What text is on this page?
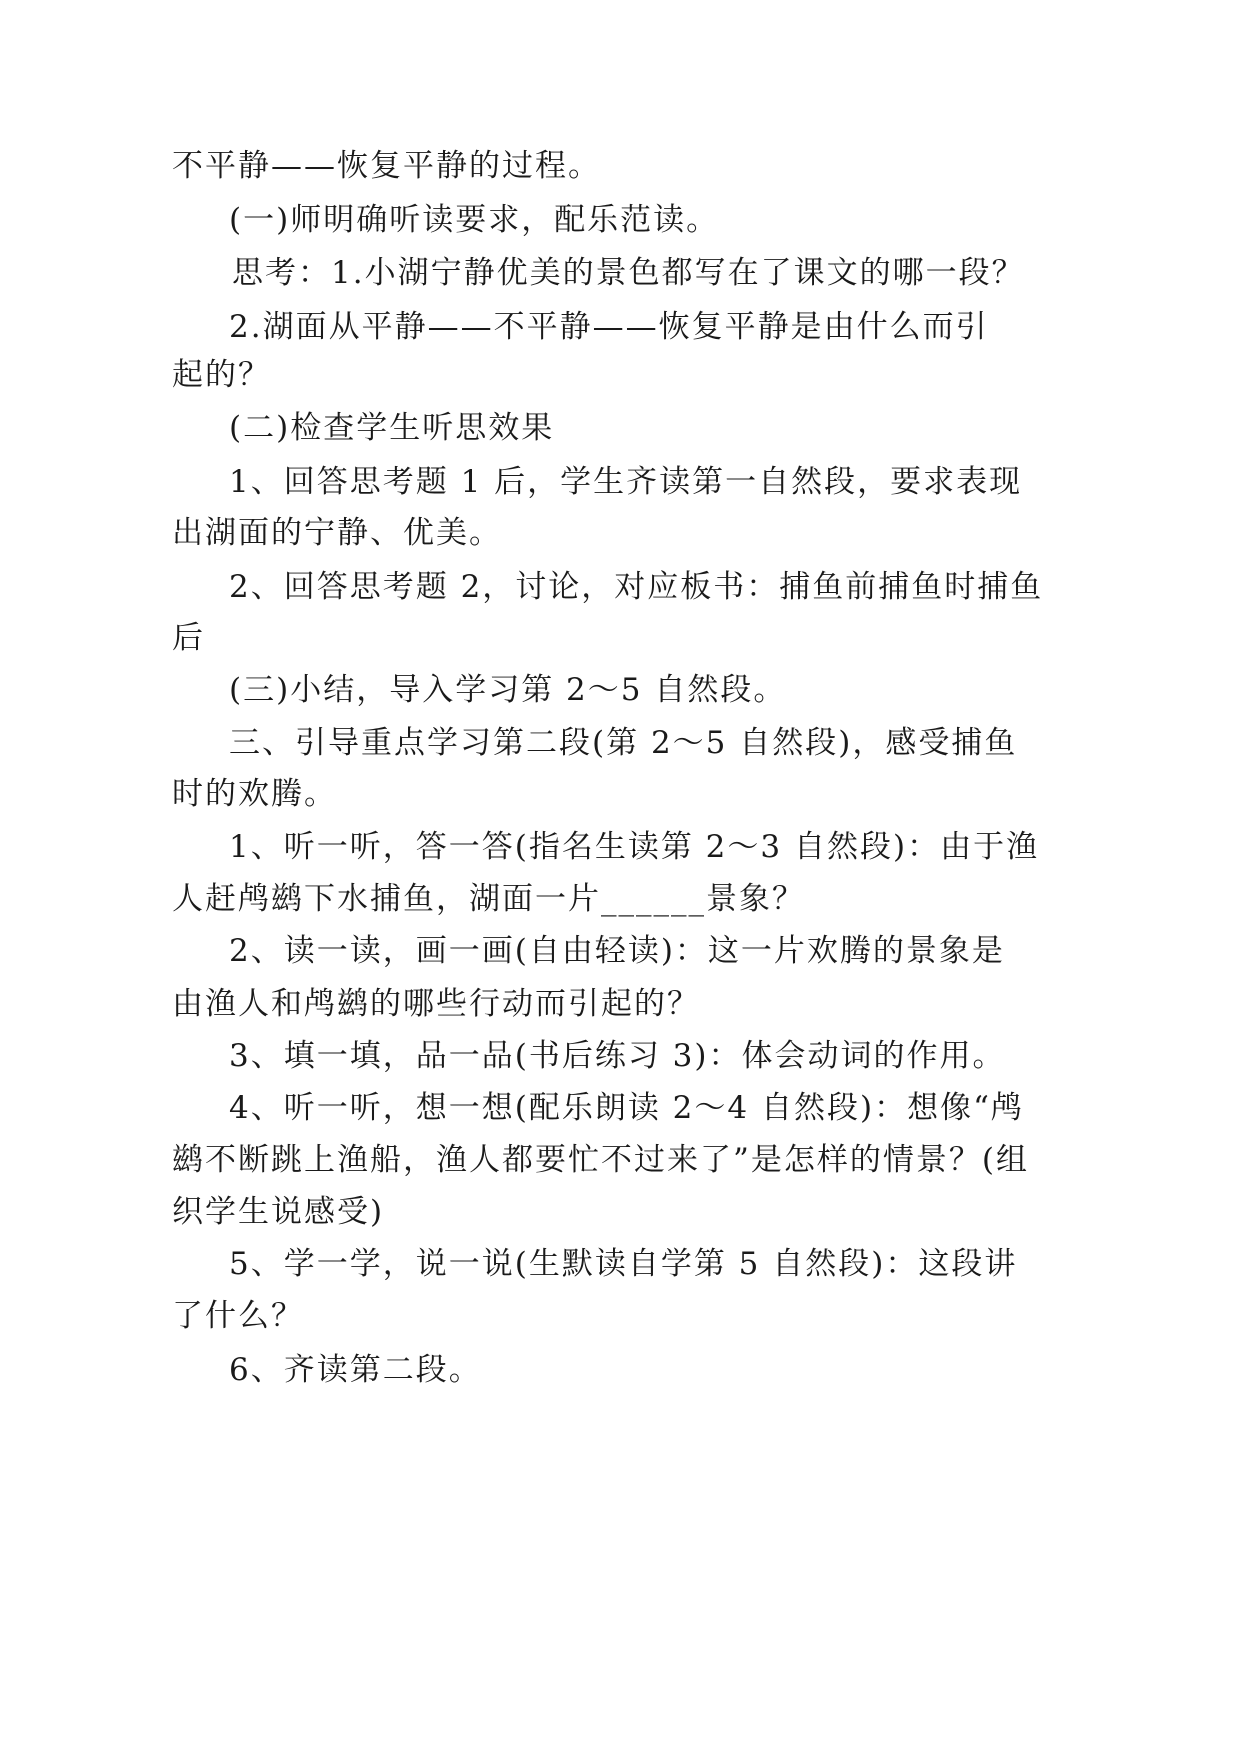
不平静——恢复平静的过程。
(一)师明确听读要求，配乐范读。
思考：1.小湖宁静优美的景色都写在了课文的哪一段？
2.湖面从平静——不平静——恢复平静是由什么而引
起的？
(二)检查学生听思效果
1、回答思考题 1 后，学生齐读第一自然段，要求表现
出湖面的宁静、优美。
2、回答思考题 2，讨论，对应板书：捕鱼前捕鱼时捕鱼
后
(三)小结，导入学习第 2～5 自然段。
三、引导重点学习第二段(第 2～5 自然段)，感受捕鱼
时的欢腾。
1、听一听，答一答(指名生读第 2～3 自然段)：由于渔
人赶鸬鹚下水捕鱼，湖面一片______景象？
2、读一读，画一画(自由轻读)：这一片欢腾的景象是
由渔人和鸬鹚的哪些行动而引起的？
3、填一填，品一品(书后练习 3)：体会动词的作用。
4、听一听，想一想(配乐朗读 2～4 自然段)：想像“鸬
鹚不断跳上渔船，渔人都要忙不过来了”是怎样的情景？(组
织学生说感受)
5、学一学，说一说(生默读自学第 5 自然段)：这段讲
了什么？
6、齐读第二段。
